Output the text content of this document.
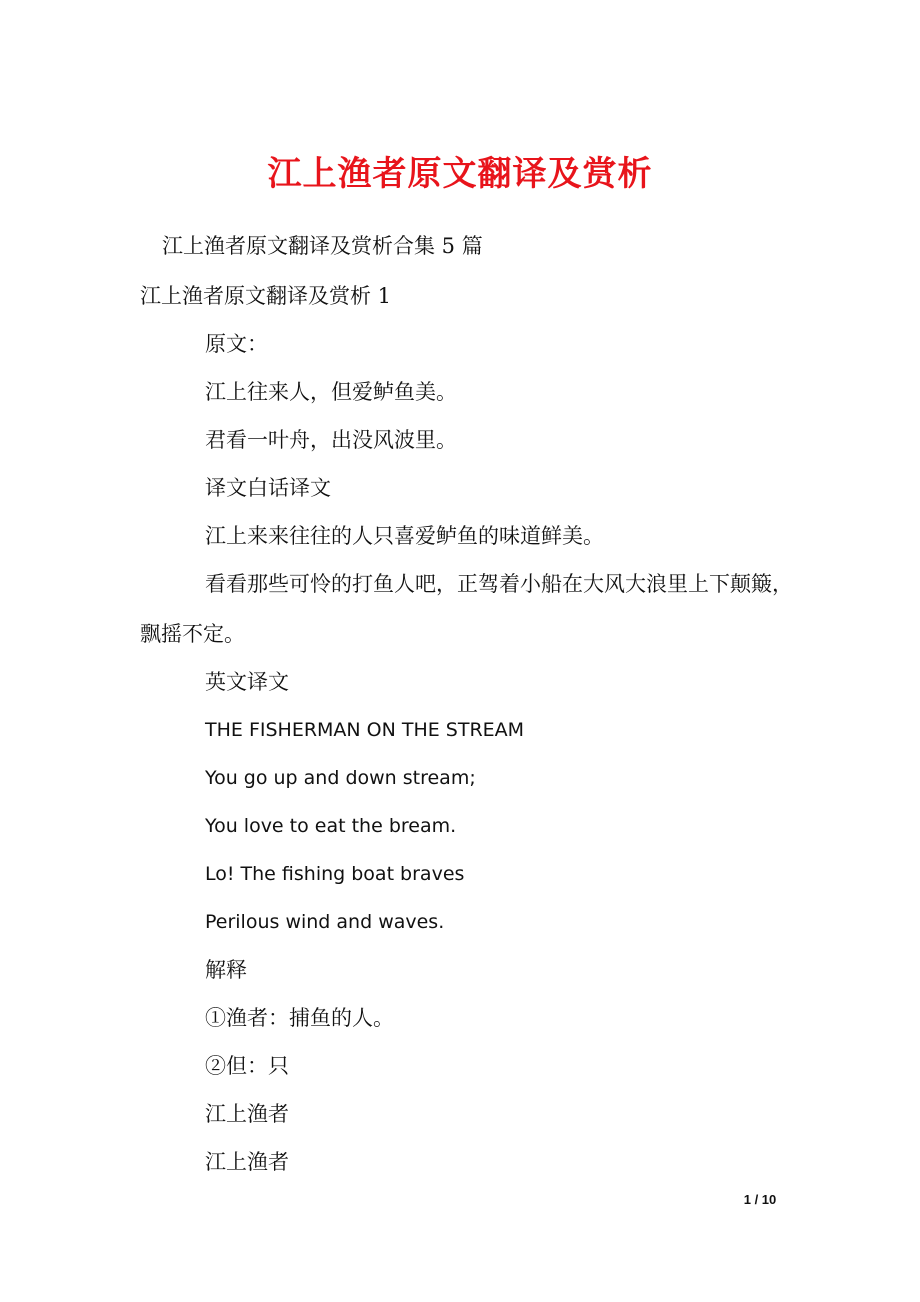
江上渔者原文翻译及赏析
江上渔者原文翻译及赏析合集 5 篇
江上渔者原文翻译及赏析 1
原文：
江上往来人，但爱鲈鱼美。
君看一叶舟，出没风波里。
译文白话译文
江上来来往往的人只喜爱鲈鱼的味道鲜美。
看看那些可怜的打鱼人吧，正驾着小船在大风大浪里上下颠簸，
飘摇不定。
英文译文
THE FISHERMAN ON THE STREAM
You go up and down stream;
You love to eat the bream.
Lo! The fishing boat braves
Perilous wind and waves.
解释
①渔者：捕鱼的人。
②但：只
江上渔者
江上渔者
1 / 10
